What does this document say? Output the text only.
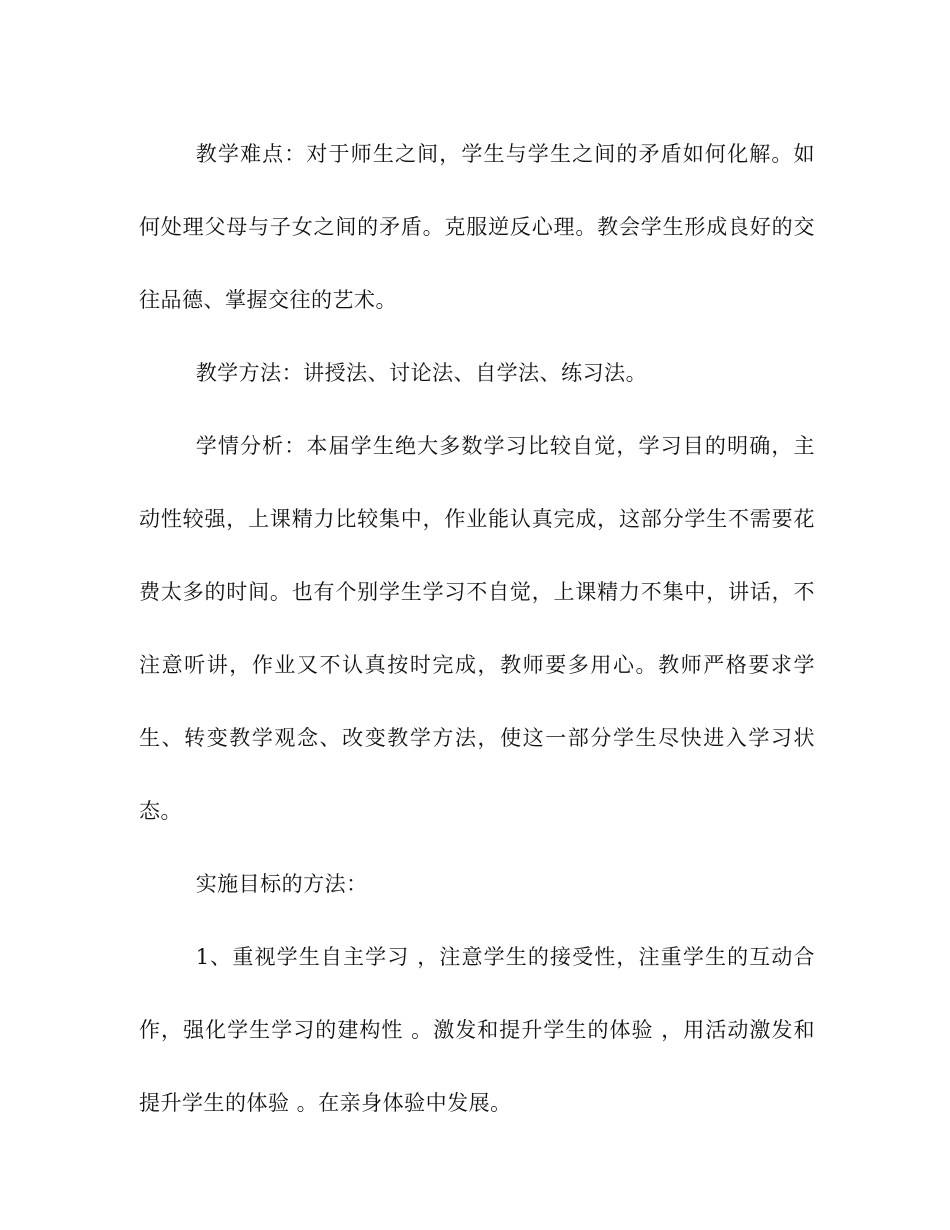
教学难点：对于师生之间，学生与学生之间的矛盾如何化解。如何处理父母与子女之间的矛盾。克服逆反心理。教会学生形成良好的交往品德、掌握交往的艺术。

教学方法：讲授法、讨论法、自学法、练习法。

学情分析：本届学生绝大多数学习比较自觉，学习目的明确，主动性较强，上课精力比较集中，作业能认真完成，这部分学生不需要花费太多的时间。也有个别学生学习不自觉，上课精力不集中，讲话，不注意听讲，作业又不认真按时完成，教师要多用心。教师严格要求学生、转变教学观念、改变教学方法，使这一部分学生尽快进入学习状态。

实施目标的方法：

1、重视学生自主学习 ，注意学生的接受性，注重学生的互动合作，强化学生学习的建构性 。激发和提升学生的体验 ，用活动激发和提升学生的体验 。在亲身体验中发展。
